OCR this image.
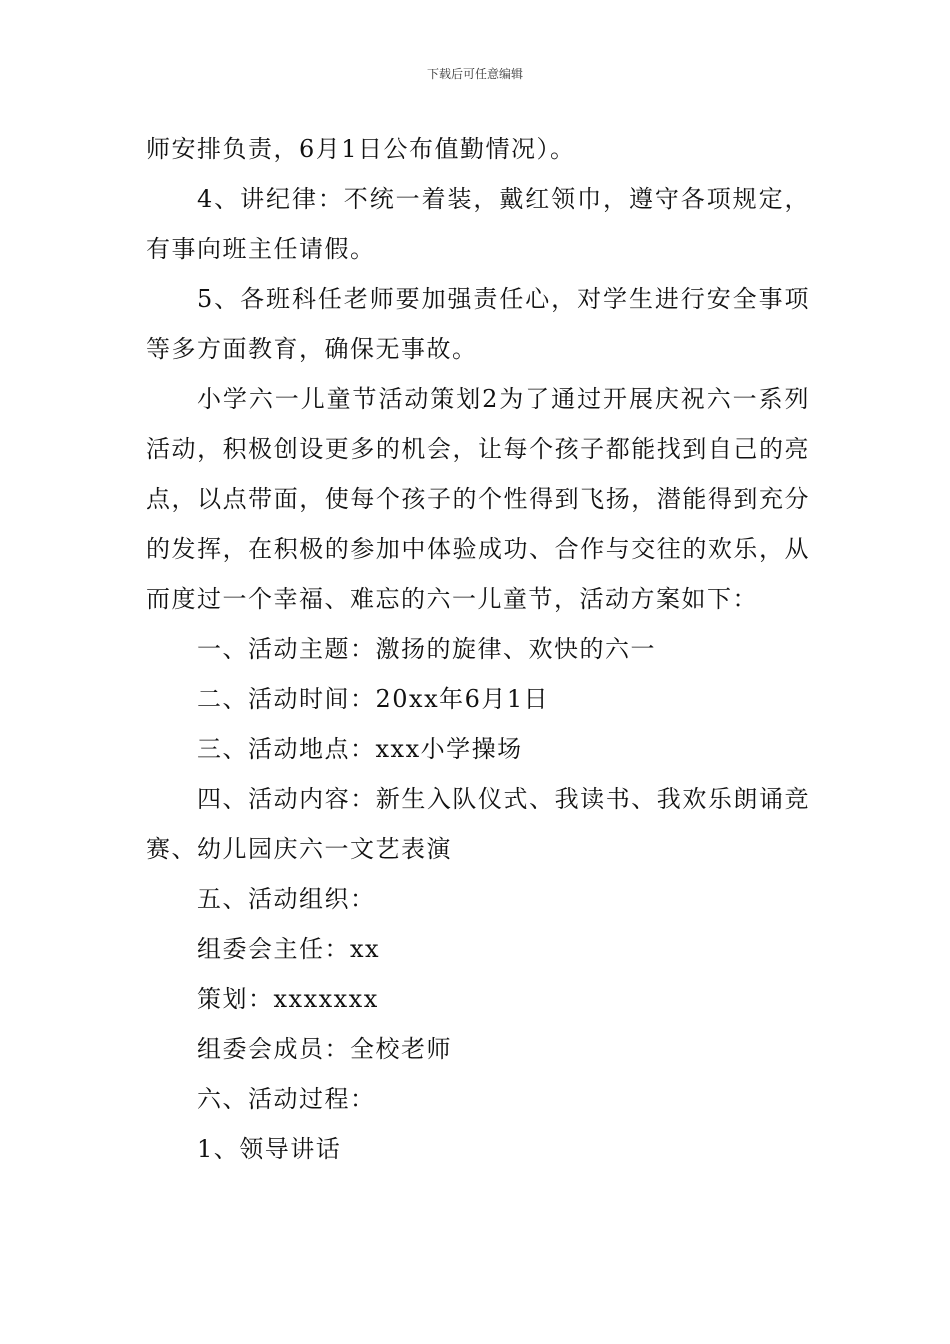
下载后可任意编辑

师安排负责，6月1日公布值勤情况）。

4、讲纪律：不统一着装，戴红领巾，遵守各项规定，有事向班主任请假。

5、各班科任老师要加强责任心，对学生进行安全事项等多方面教育，确保无事故。

小学六一儿童节活动策划2为了通过开展庆祝六一系列活动，积极创设更多的机会，让每个孩子都能找到自己的亮点，以点带面，使每个孩子的个性得到飞扬，潜能得到充分的发挥，在积极的参加中体验成功、合作与交往的欢乐，从而度过一个幸福、难忘的六一儿童节，活动方案如下：

一、活动主题：激扬的旋律、欢快的六一

二、活动时间：20xx年6月1日

三、活动地点：xxx小学操场

四、活动内容：新生入队仪式、我读书、我欢乐朗诵竞赛、幼儿园庆六一文艺表演

五、活动组织：

组委会主任：xx

策划：xxxxxxx

组委会成员：全校老师

六、活动过程：

1、领导讲话
